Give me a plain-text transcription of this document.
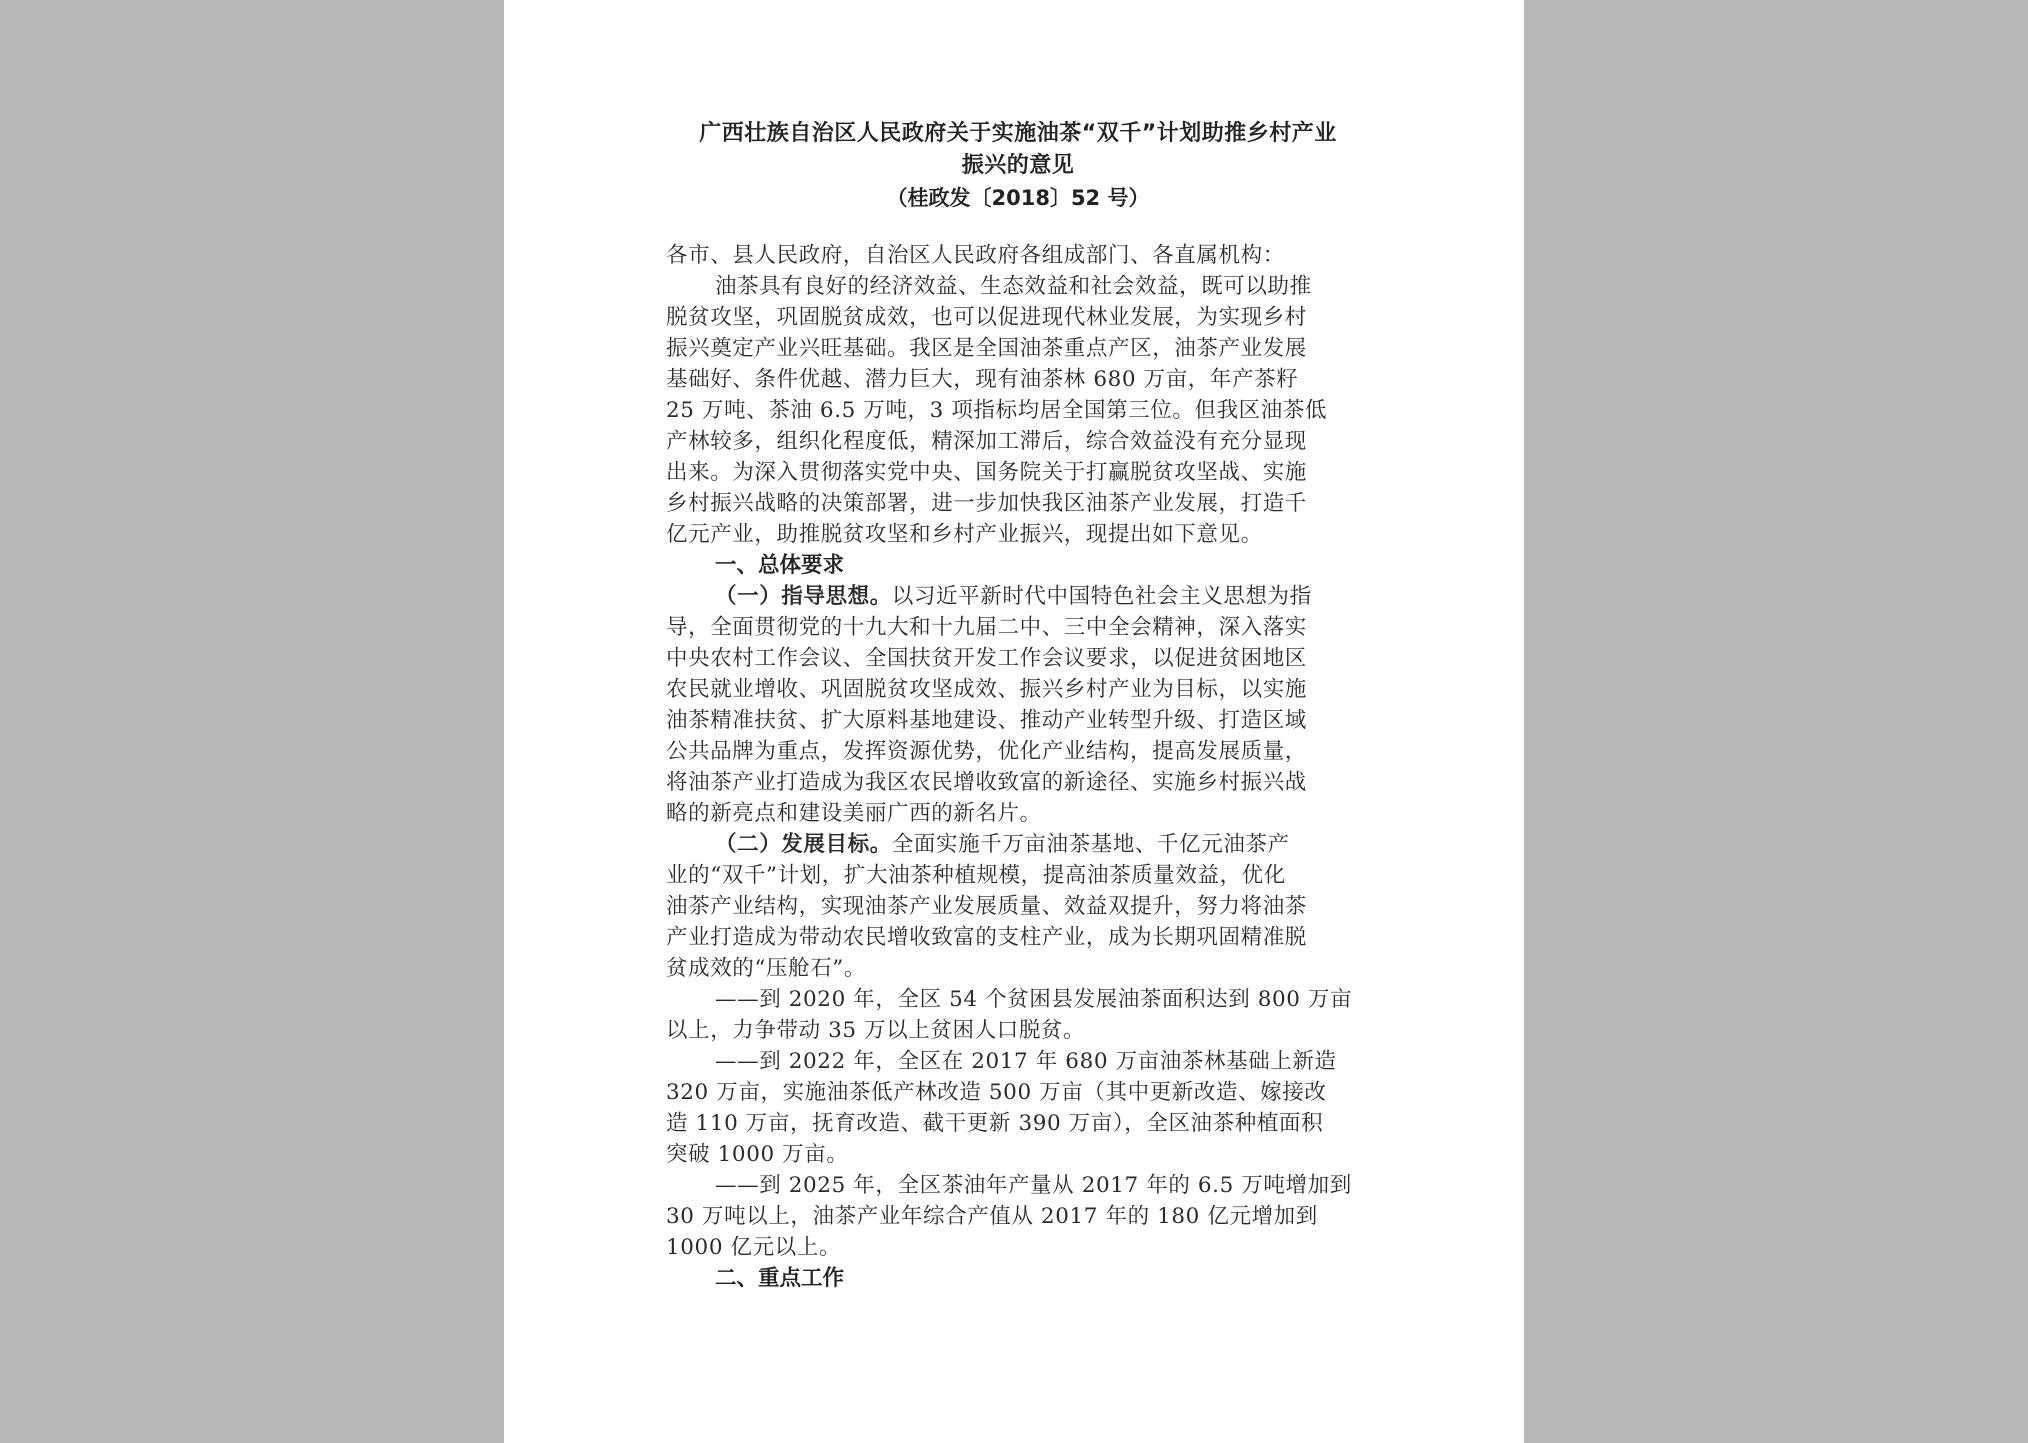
广西壮族自治区人民政府关于实施油茶“双千”计划助推乡村产业
振兴的意见
（桂政发〔2018〕52 号）
各市、县人民政府，自治区人民政府各组成部门、各直属机构：
油茶具有良好的经济效益、生态效益和社会效益，既可以助推
脱贫攻坚，巩固脱贫成效，也可以促进现代林业发展，为实现乡村
振兴奠定产业兴旺基础。我区是全国油茶重点产区，油茶产业发展
基础好、条件优越、潜力巨大，现有油茶林 680 万亩，年产茶籽
25 万吨、茶油 6.5 万吨，3 项指标均居全国第三位。但我区油茶低
产林较多，组织化程度低，精深加工滞后，综合效益没有充分显现
出来。为深入贯彻落实党中央、国务院关于打赢脱贫攻坚战、实施
乡村振兴战略的决策部署，进一步加快我区油茶产业发展，打造千
亿元产业，助推脱贫攻坚和乡村产业振兴，现提出如下意见。
一、总体要求
（一）指导思想。以习近平新时代中国特色社会主义思想为指
导，全面贯彻党的十九大和十九届二中、三中全会精神，深入落实
中央农村工作会议、全国扶贫开发工作会议要求，以促进贫困地区
农民就业增收、巩固脱贫攻坚成效、振兴乡村产业为目标，以实施
油茶精准扶贫、扩大原料基地建设、推动产业转型升级、打造区域
公共品牌为重点，发挥资源优势，优化产业结构，提高发展质量，
将油茶产业打造成为我区农民增收致富的新途径、实施乡村振兴战
略的新亮点和建设美丽广西的新名片。
（二）发展目标。全面实施千万亩油茶基地、千亿元油茶产
业的“双千”计划，扩大油茶种植规模，提高油茶质量效益，优化
油茶产业结构，实现油茶产业发展质量、效益双提升，努力将油茶
产业打造成为带动农民增收致富的支柱产业，成为长期巩固精准脱
贫成效的“压舱石”。
——到 2020 年，全区 54 个贫困县发展油茶面积达到 800 万亩
以上，力争带动 35 万以上贫困人口脱贫。
——到 2022 年，全区在 2017 年 680 万亩油茶林基础上新造
320 万亩，实施油茶低产林改造 500 万亩（其中更新改造、嫁接改
造 110 万亩，抚育改造、截干更新 390 万亩），全区油茶种植面积
突破 1000 万亩。
——到 2025 年，全区茶油年产量从 2017 年的 6.5 万吨增加到
30 万吨以上，油茶产业年综合产值从 2017 年的 180 亿元增加到
1000 亿元以上。
二、重点工作
